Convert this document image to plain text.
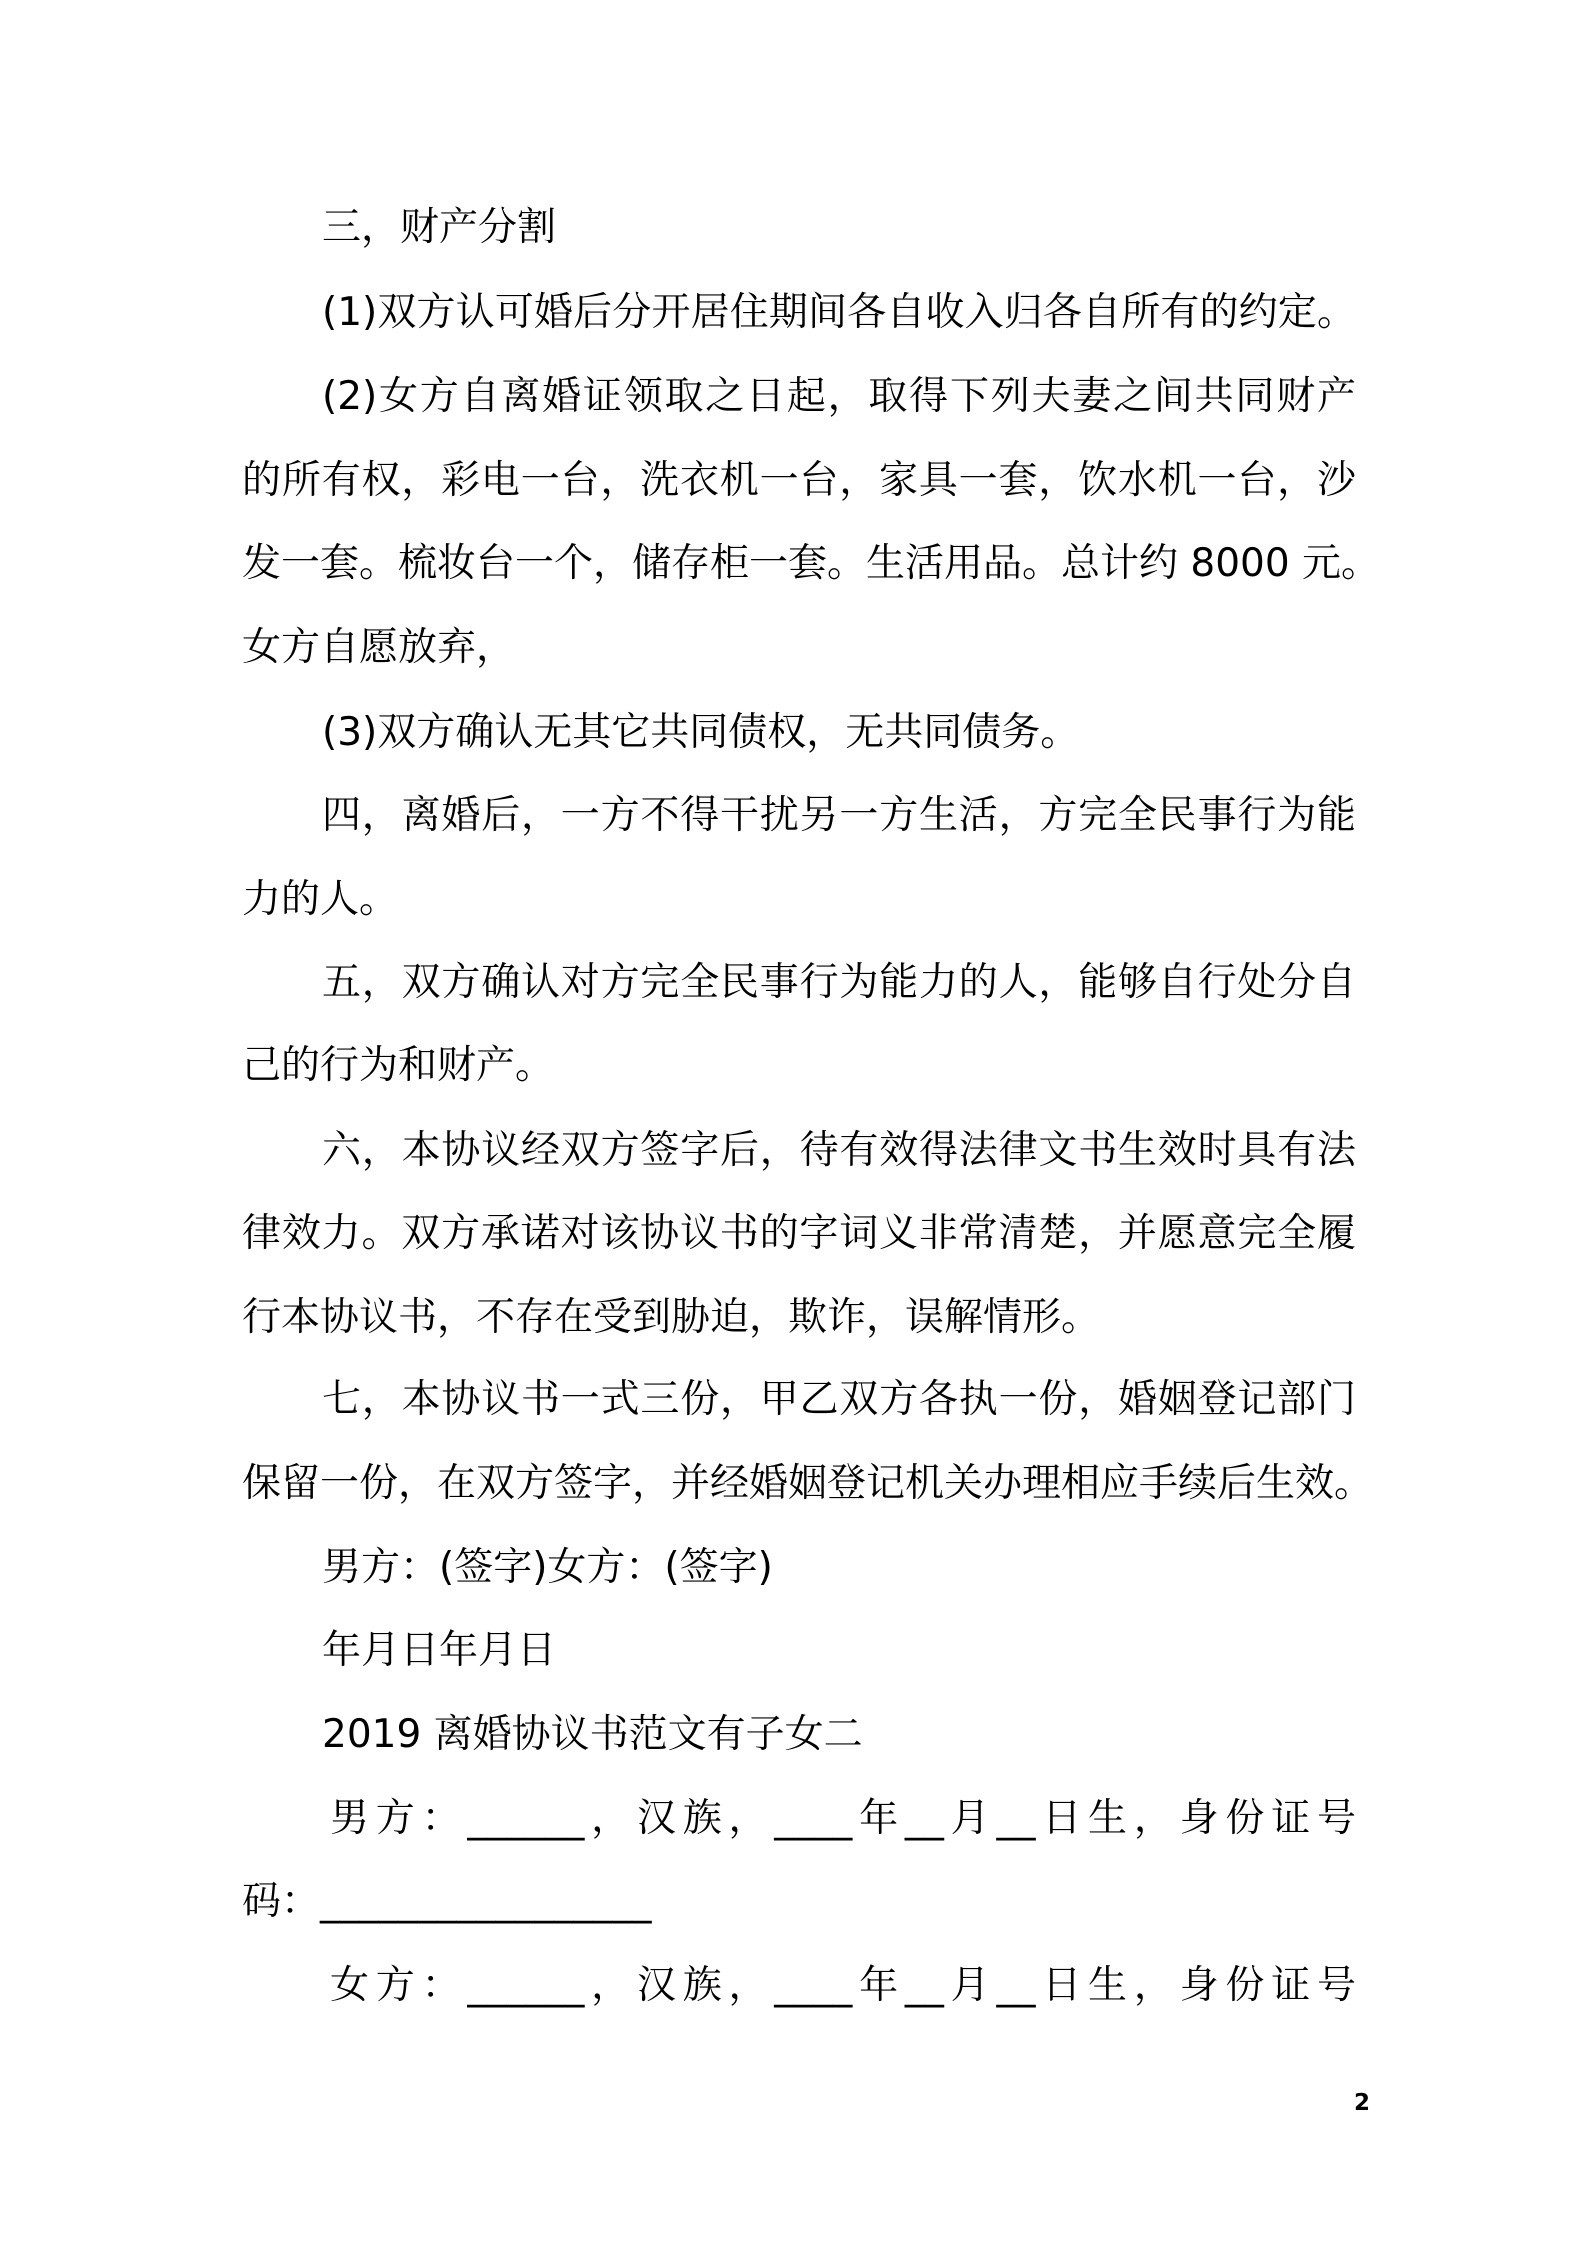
三，财产分割
(1)双方认可婚后分开居住期间各自收入归各自所有的约定。
(2)女方自离婚证领取之日起，取得下列夫妻之间共同财产
的所有权，彩电一台，洗衣机一台，家具一套，饮水机一台，沙
发一套。梳妆台一个，储存柜一套。生活用品。总计约 8000 元。
女方自愿放弃，
(3)双方确认无其它共同债权，无共同债务。
四，离婚后，一方不得干扰另一方生活，方完全民事行为能
力的人。
五，双方确认对方完全民事行为能力的人，能够自行处分自
己的行为和财产。
六，本协议经双方签字后，待有效得法律文书生效时具有法
律效力。双方承诺对该协议书的字词义非常清楚，并愿意完全履
行本协议书，不存在受到胁迫，欺诈，误解情形。
七，本协议书一式三份，甲乙双方各执一份，婚姻登记部门
保留一份，在双方签字，并经婚姻登记机关办理相应手续后生效。
男方：(签字)女方：(签字)
年月日年月日
2019 离婚协议书范文有子女二
男方：______，汉族，____年__月__日生，身份证号
码：_________________
女方：______，汉族，____年__月__日生，身份证号
2
